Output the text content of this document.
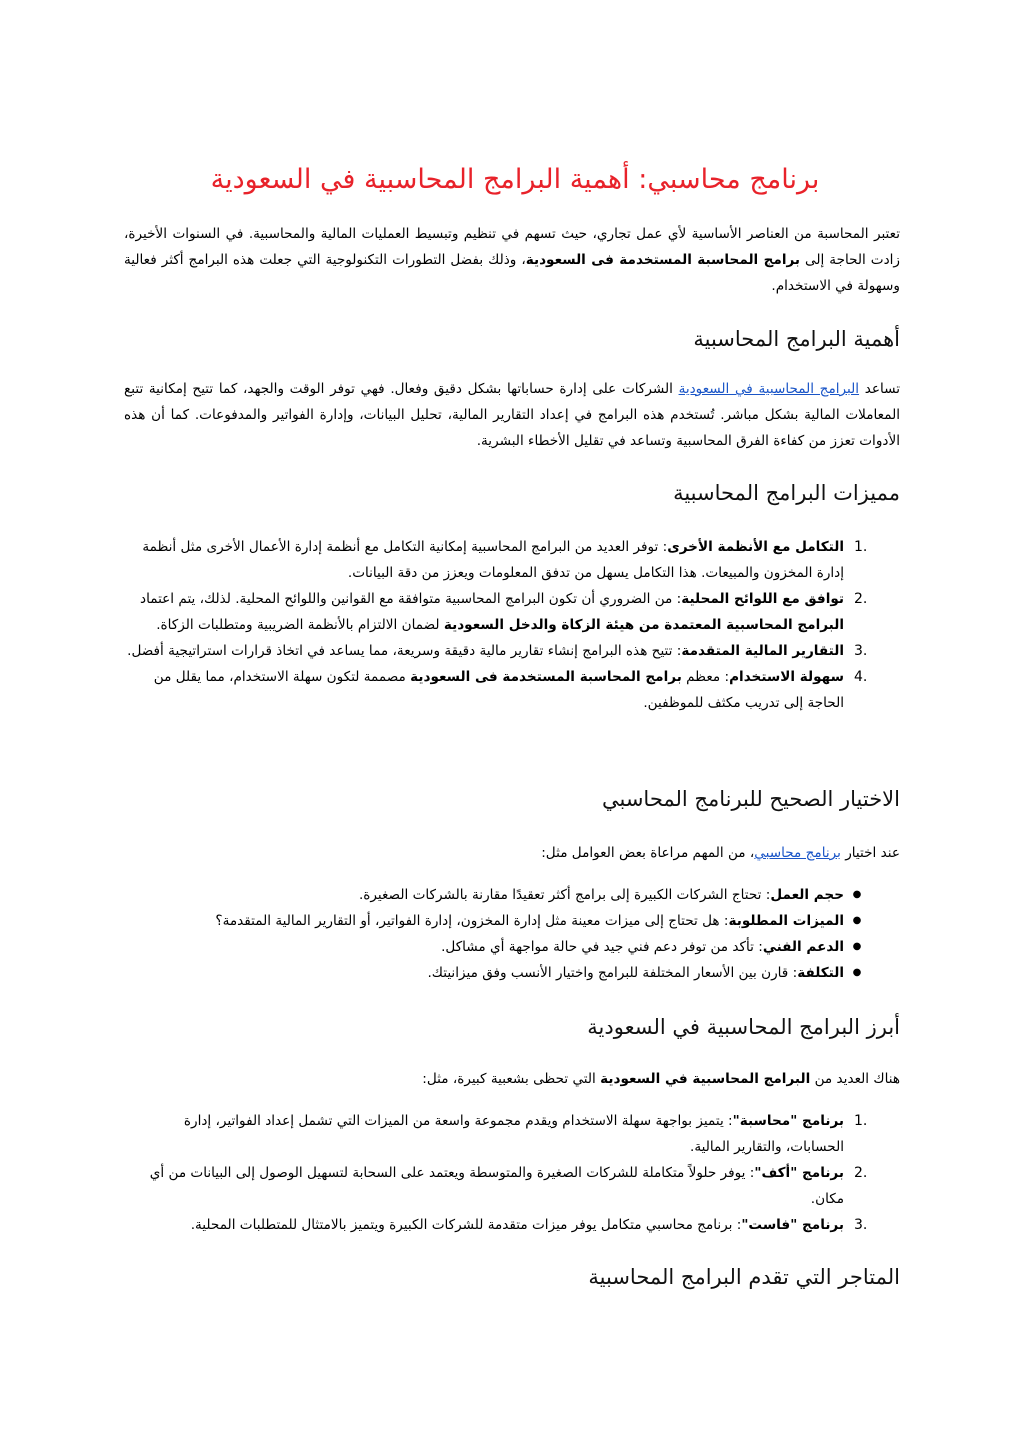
برنامج محاسبي: أهمية البرامج المحاسبية في السعودية

تعتبر المحاسبة من العناصر الأساسية لأي عمل تجاري، حيث تسهم في تنظيم وتبسيط العمليات المالية والمحاسبية. في السنوات الأخيرة، زادت الحاجة إلى برامج المحاسبة المستخدمة فى السعودية، وذلك بفضل التطورات التكنولوجية التي جعلت هذه البرامج أكثر فعالية وسهولة في الاستخدام.

أهمية البرامج المحاسبية

تساعد البرامج المحاسبية في السعودية الشركات على إدارة حساباتها بشكل دقيق وفعال. فهي توفر الوقت والجهد، كما تتيح إمكانية تتبع المعاملات المالية بشكل مباشر. تُستخدم هذه البرامج في إعداد التقارير المالية، تحليل البيانات، وإدارة الفواتير والمدفوعات. كما أن هذه الأدوات تعزز من كفاءة الفرق المحاسبية وتساعد في تقليل الأخطاء البشرية.

مميزات البرامج المحاسبية
1.
التكامل مع الأنظمة الأخرى: توفر العديد من البرامج المحاسبية إمكانية التكامل مع أنظمة إدارة الأعمال الأخرى مثل أنظمة إدارة المخزون والمبيعات. هذا التكامل يسهل من تدفق المعلومات ويعزز من دقة البيانات.
2.
توافق مع اللوائح المحلية: من الضروري أن تكون البرامج المحاسبية متوافقة مع القوانين واللوائح المحلية. لذلك، يتم اعتماد البرامج المحاسبية المعتمدة من هيئة الزكاة والدخل السعودية لضمان الالتزام بالأنظمة الضريبية ومتطلبات الزكاة.
3.
التقارير المالية المتقدمة: تتيح هذه البرامج إنشاء تقارير مالية دقيقة وسريعة، مما يساعد في اتخاذ قرارات استراتيجية أفضل.
4.
سهولة الاستخدام: معظم برامج المحاسبة المستخدمة فى السعودية مصممة لتكون سهلة الاستخدام، مما يقلل من الحاجة إلى تدريب مكثف للموظفين.
الاختيار الصحيح للبرنامج المحاسبي

عند اختيار برنامج محاسبي، من المهم مراعاة بعض العوامل مثل:

●
حجم العمل: تحتاج الشركات الكبيرة إلى برامج أكثر تعقيدًا مقارنة بالشركات الصغيرة.
●
الميزات المطلوبة: هل تحتاج إلى ميزات معينة مثل إدارة المخزون، إدارة الفواتير، أو التقارير المالية المتقدمة؟
●
الدعم الفني: تأكد من توفر دعم فني جيد في حالة مواجهة أي مشاكل.
●
التكلفة: قارن بين الأسعار المختلفة للبرامج واختيار الأنسب وفق ميزانيتك.
أبرز البرامج المحاسبية في السعودية

هناك العديد من البرامج المحاسبية في السعودية التي تحظى بشعبية كبيرة، مثل:

1.
برنامج "محاسبة": يتميز بواجهة سهلة الاستخدام ويقدم مجموعة واسعة من الميزات التي تشمل إعداد الفواتير، إدارة الحسابات، والتقارير المالية.
2.
برنامج "أكف": يوفر حلولاً متكاملة للشركات الصغيرة والمتوسطة ويعتمد على السحابة لتسهيل الوصول إلى البيانات من أي مكان.
3.
برنامج "فاست": برنامج محاسبي متكامل يوفر ميزات متقدمة للشركات الكبيرة ويتميز بالامتثال للمتطلبات المحلية.
المتاجر التي تقدم البرامج المحاسبية
